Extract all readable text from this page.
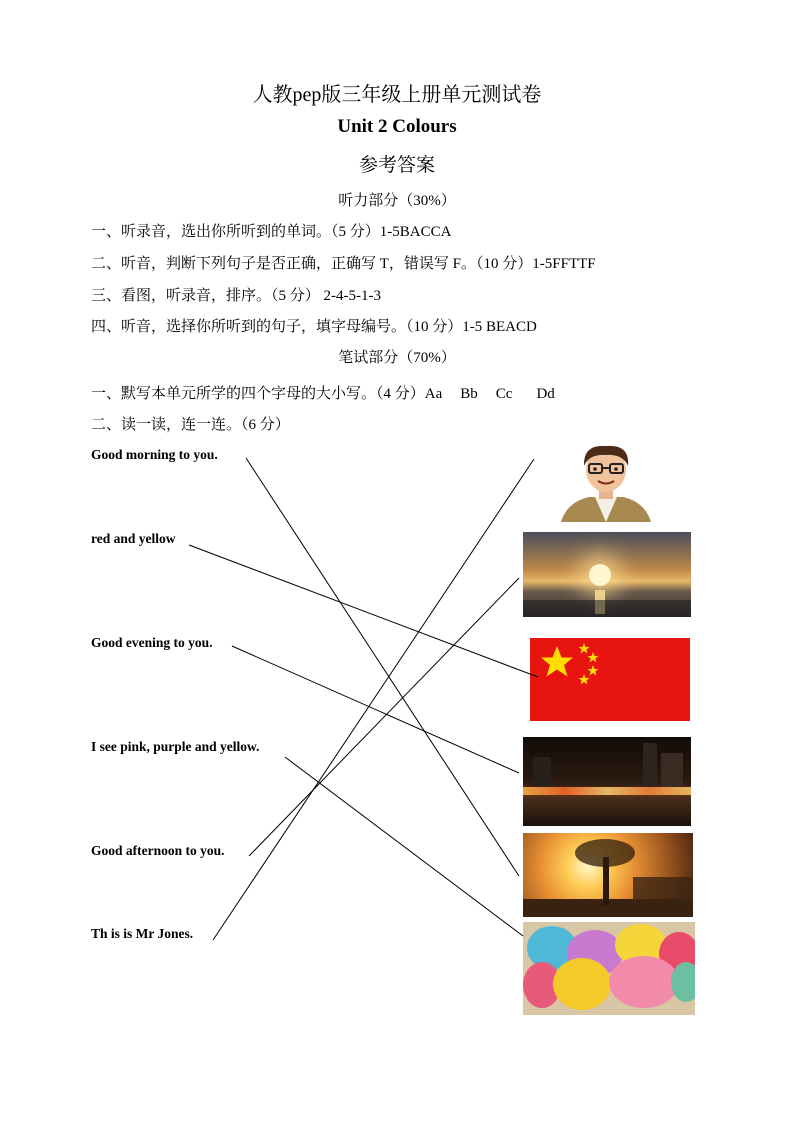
人教pep版三年级上册单元测试卷
Unit 2 Colours
参考答案
听力部分（30%）
一、听录音，选出你所听到的单词。（5 分）1-5BACCA
二、听音，判断下列句子是否正确，正确写 T，错误写 F。（10 分）1-5FFTTF
三、看图，听录音，排序。（5 分） 2-4-5-1-3
四、听音，选择你所听到的句子，填字母编号。（10 分）1-5 BEACD
笔试部分（70%）
一、默写本单元所学的四个字母的大小写。（4 分）Aa Bb Cc Dd
二、读一读，连一连。（6 分）
Good morning to you.
red and yellow
Good evening to you.
I see pink, purple and yellow.
Good afternoon to you.
Th is is Mr Jones.
